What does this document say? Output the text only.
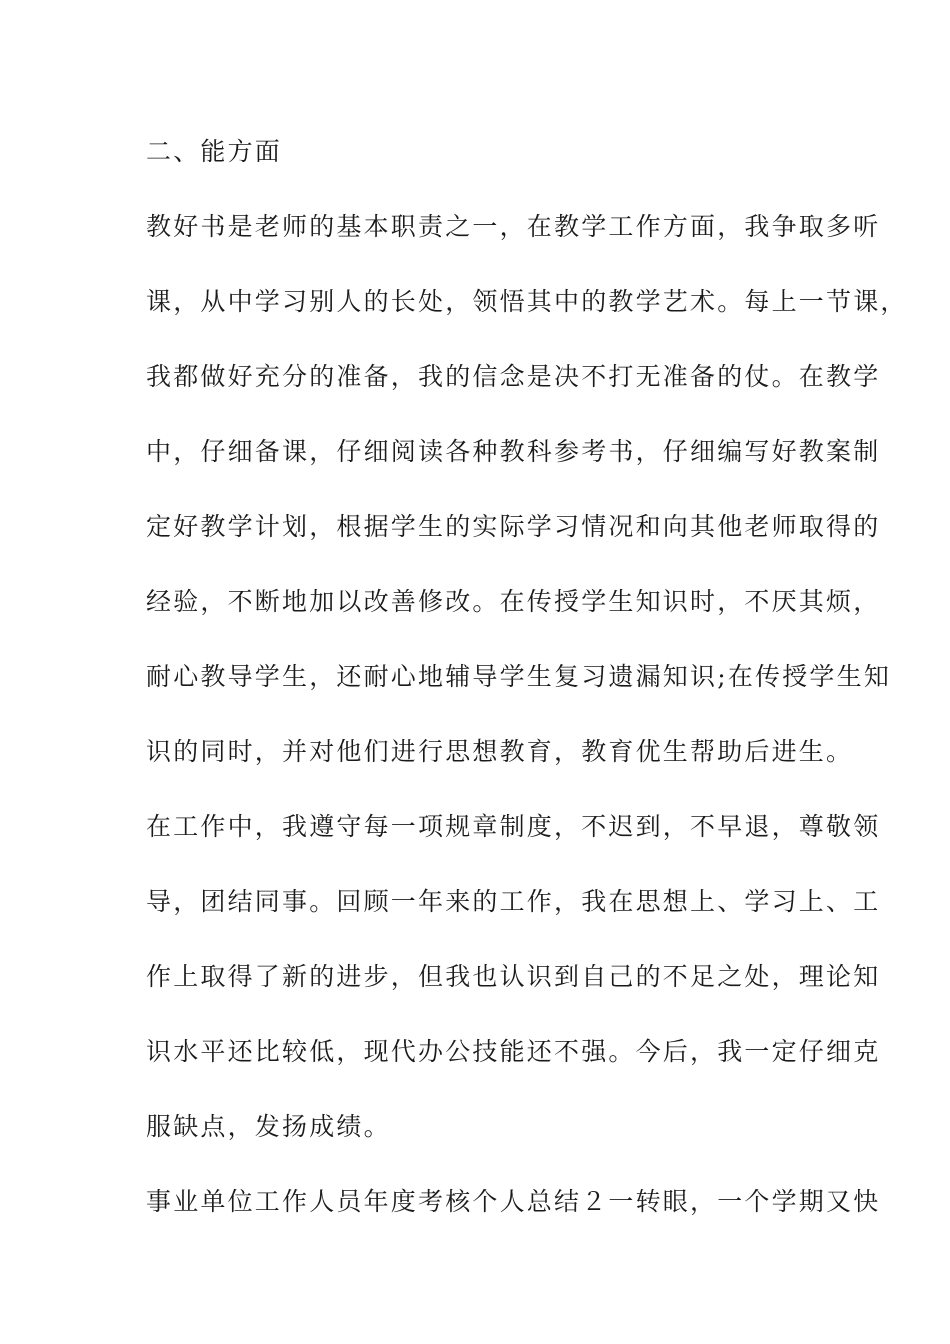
二、能方面
教好书是老师的基本职责之一，在教学工作方面，我争取多听
课，从中学习别人的长处，领悟其中的教学艺术。每上一节课，
我都做好充分的准备，我的信念是决不打无准备的仗。在教学
中，仔细备课，仔细阅读各种教科参考书，仔细编写好教案制
定好教学计划，根据学生的实际学习情况和向其他老师取得的
经验，不断地加以改善修改。在传授学生知识时，不厌其烦，
耐心教导学生，还耐心地辅导学生复习遗漏知识;在传授学生知
识的同时，并对他们进行思想教育，教育优生帮助后进生。
在工作中，我遵守每一项规章制度，不迟到，不早退，尊敬领
导，团结同事。回顾一年来的工作，我在思想上、学习上、工
作上取得了新的进步，但我也认识到自己的不足之处，理论知
识水平还比较低，现代办公技能还不强。今后，我一定仔细克
服缺点，发扬成绩。
事业单位工作人员年度考核个人总结２一转眼，一个学期又快
